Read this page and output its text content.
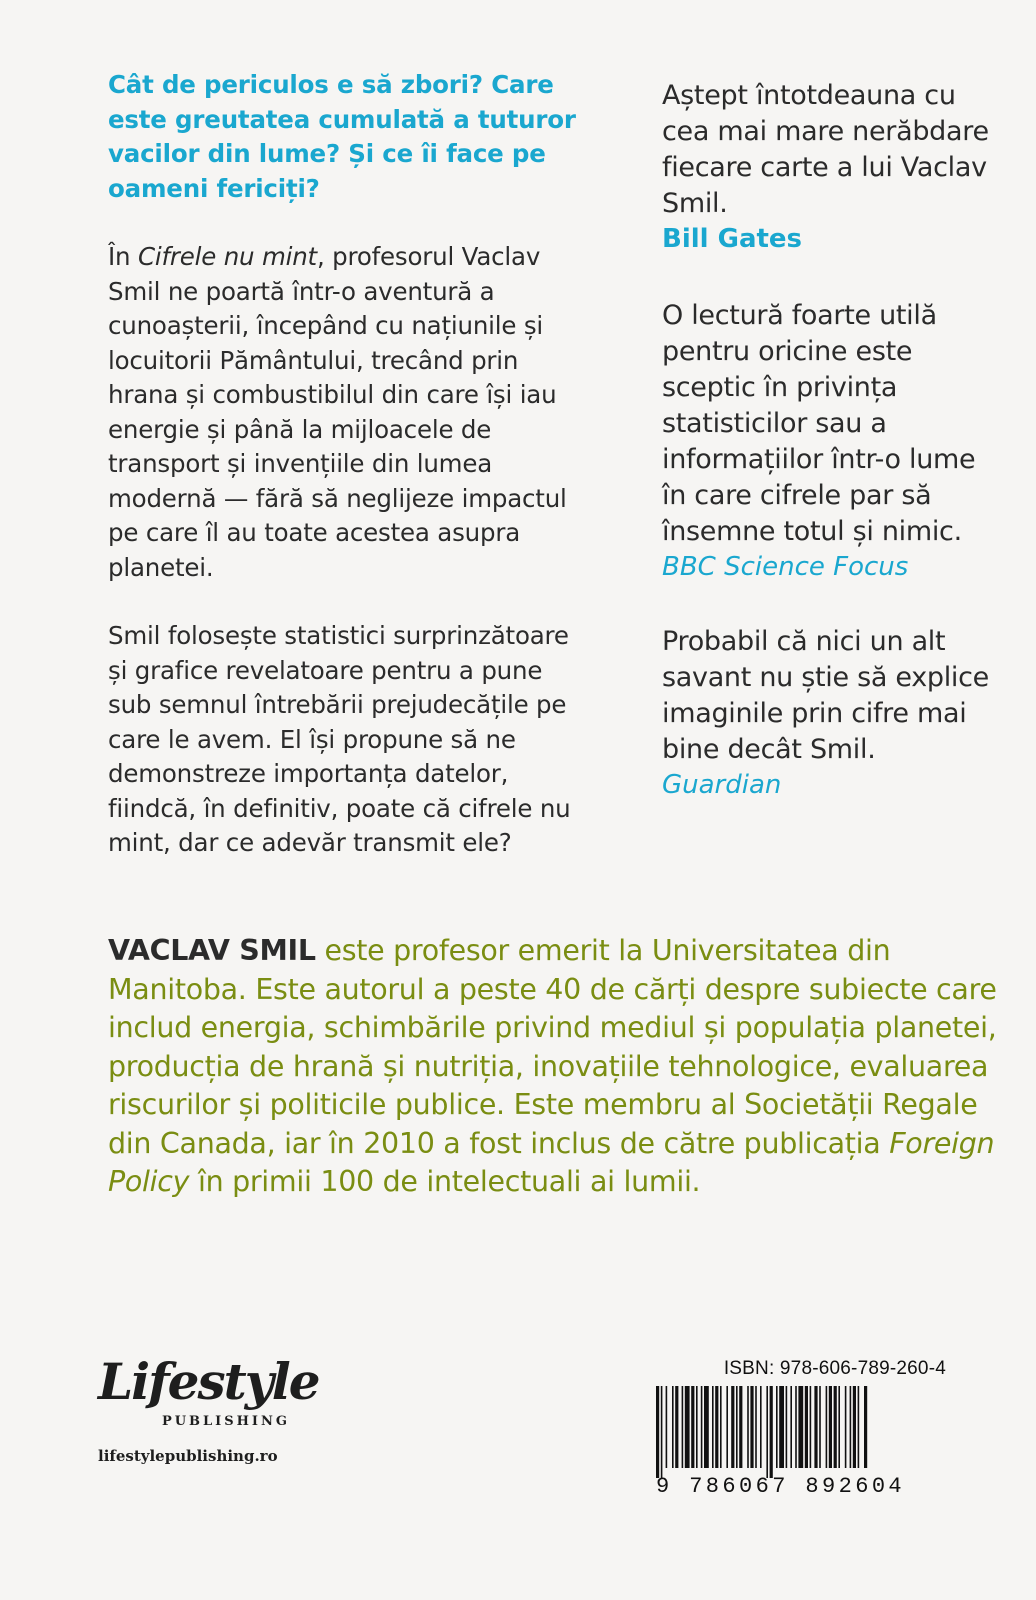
Cât de periculos e să zbori? Care este greutatea cumulată a tuturor vacilor din lume? Și ce îi face pe oameni fericiți?

În Cifrele nu mint, profesorul Vaclav Smil ne poartă într-o aventură a cunoașterii, începând cu națiunile și locuitorii Pământului, trecând prin hrana și combustibilul din care își iau energie și până la mijloacele de transport și invențiile din lumea modernă — fără să neglijeze impactul pe care îl au toate acestea asupra planetei.

Smil folosește statistici surprinzătoare și grafice revelatoare pentru a pune sub semnul întrebării prejudecățile pe care le avem. El își propune să ne demonstreze importanța datelor, fiindcă, în definitiv, poate că cifrele nu mint, dar ce adevăr transmit ele?

Aștept întotdeauna cu cea mai mare nerăbdare fiecare carte a lui Vaclav Smil.

Bill Gates

O lectură foarte utilă pentru oricine este sceptic în privința statisticilor sau a informațiilor într-o lume în care cifrele par să însemne totul și nimic.

BBC Science Focus

Probabil că nici un alt savant nu știe să explice imaginile prin cifre mai bine decât Smil.

Guardian

VACLAV SMIL este profesor emerit la Universitatea din Manitoba. Este autorul a peste 40 de cărți despre subiecte care includ energia, schimbările privind mediul și populația planetei, producția de hrană și nutriția, inovațiile tehnologice, evaluarea riscurilor și politicile publice. Este membru al Societății Regale din Canada, iar în 2010 a fost inclus de către publicația Foreign Policy în primii 100 de intelectuali ai lumii.

Lifestyle
PUBLISHING
lifestylepublishing.ro
ISBN: 978-606-789-260-4
9 786067 892604
